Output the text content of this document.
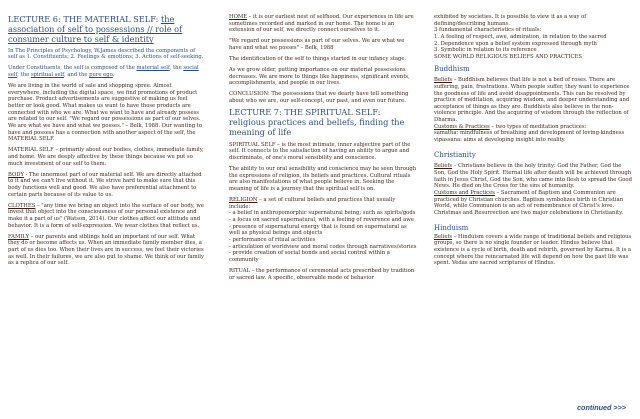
LECTURE 6: THE MATERIAL SELF: the association of self to possessions // role of consumer culture to self & identity

In The Principles of Psychology, W.James described the components of self as 1. Constituents; 2. Feelings & emotions; 3. Actions of self-seeking.

Under Constituents, the self is composed of the material self, the social self, the spiritual self, and the pure ego.

We are living in the world of sale and shopping spree. Almost everywhere, including the digital space, we find promotions of product purchase. Product advertisements are suggestive of making us feel better or look good. What makes us want to have those products are connected with who we are. What we want to have and already possess are related to our self. "We regard our possessions as part of our selves. We are what we have and what we posses." – Belk, 1988. Our wanting to have and possess has a connection with another aspect of the self, the MATERIAL SELF.

MATERIAL SELF – primarily about our bodies, clothes, immediate family, and home. We are deeply affective by these things because we put so much investment of our self to them.

BODY - The innermost part of our material self. We are directly attached to it and we can't live without it. We strive hard to make sure that this body functions well and good. We also have preferential attachment to certain parts because of its value to us.

CLOTHES – "any time we bring an object into the surface of our body, we invest that object into the consciousness of our personal existence and make it a part of us" (Watson, 2014). Our clothes affect our attitude and behavior. It is a form of self-expression. We wear clothes that reflect us.

FAMILY – our parents and siblings hold an important of our self. What they do or become affects us. When an immediate family member dies, a part of us dies too. When their lives are in success, we feel their victories as well. In their failures, we are also put to shame. We think of our family as a replica of our self.

HOME – it is our earliest nest of selfhood. Our experiences in life are sometimes recorded and marked in our home. The home is an extension of our self, we directly connect ourselves to it.

"We regard our possessions as part of our selves. We are what we have and what we posses" – Belk, 1988

The identification of the self to things started in our infancy stage.

As we grow older, putting importance on our material possessions decreases. We are more to things like happiness, significant events, accomplishments, and people in our lives.

CONCLUSION: The possessions that we dearly have tell something about who we are, our self-concept, our past, and even our future.

LECTURE 7: THE SPIRITUAL SELF: religious practices and beliefs, finding the meaning of life

SPIRITUAL SELF – is the most intimate, inner subjective part of the self. It connects to the satisfaction of having an ability to argue and discriminate, of one's moral sensibility and conscience.

The ability to our oral sensibility and conscience may be seen through the expressions of religion, its beliefs and practices. Cultural rituals are also manifestations of what people believe in. Seeking the meaning of life is a journey that the spiritual self is on.

RELIGION – a set of cultural beliefs and practices that usually include:

- a belief in anthropomorphic supernatural being; such as spirits/gods

- a focus on sacred supernatural, with a feeling of reverence and awe

- presence of supernatural energy that is found on supernatural as well as physical beings and objects

- performance of ritual activities

- articulation of worldview and moral codes through narratives/stories

- provide creation of social bonds and social control within a community

RITUAL – the performance of ceremonial acts prescribed by tradition or sacred law. A specific, observable mode of behavior

exhibited by societies. It is possible to view it as a way of defining/describing humans.

3 fundamental characteristics of rituals:

1. A feeling of respect, awe, admiration, in relation to the sacred

2. Dependence upon a belief system expressed through myth

3. Symbolic in relation to its reference

SOME WORLD RELIGIOUS BELIEFS AND PRACTICES

Buddhism

Beliefs – Buddhism believes that life is not a bed of roses. There are suffering, pain, frustrations. When people suffer, they want to experience the goodness of life and avoid disappointments. This can be resolved by practice of meditation, acquiring wisdom, and deeper understanding and acceptance of things as they are. Buddhists also believe in the non-violence principle. And the acquiring of wisdom through the reflection of Dharma.

Customs & Practices – two types of meditation practices:

samatha: mindfulness of breathing and development of loving-kindness

vipassana: aims at developing insight into reality.

Christianity

Beliefs – Christians believe in the holy trinity: God the Father, God the Son, God the Holy Spirit. Eternal life after death will be achieved through faith in Jesus Christ, God the Son, who came into flesh to spread the Good News. He died on the Cross for the sins of humanity.

Customs and Practices – Sacrament of Baptism and Communion are practiced by Christian churches. Baptism symbolizes birth in Christian World, while Communion is an act of remembrance of Christ's love. Christmas and Resurrection are two major celebrations in Christianity.

Hinduism

Beliefs – Hinduism covers a wide range of traditional beliefs and religious groups, so there is no single founder or leader. Hindus believe that existence is a cycle of birth, death and rebirth, governed by Karma. It is a concept where the reincarnated life will depend on how the past life was spent. Vedas are sacred scriptures of Hindus.

continued >>>
